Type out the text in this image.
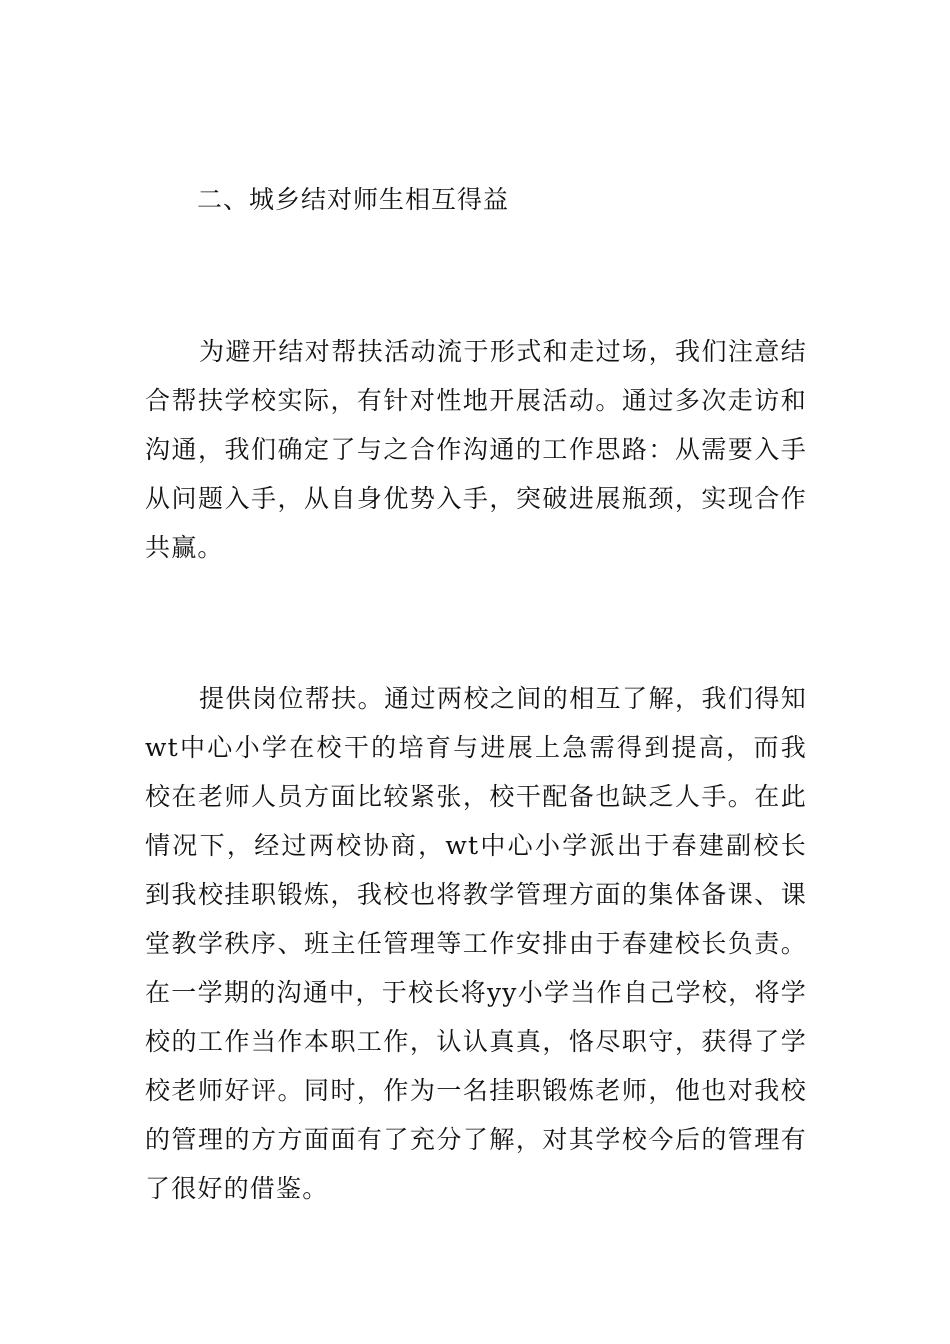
二、城乡结对师生相互得益

为避开结对帮扶活动流于形式和走过场，我们注意结合帮扶学校实际，有针对性地开展活动。通过多次走访和沟通，我们确定了与之合作沟通的工作思路：从需要入手从问题入手，从自身优势入手，突破进展瓶颈，实现合作共赢。

提供岗位帮扶。通过两校之间的相互了解，我们得知wt中心小学在校干的培育与进展上急需得到提高，而我校在老师人员方面比较紧张，校干配备也缺乏人手。在此情况下，经过两校协商，wt中心小学派出于春建副校长到我校挂职锻炼，我校也将教学管理方面的集体备课、课堂教学秩序、班主任管理等工作安排由于春建校长负责。在一学期的沟通中，于校长将yy小学当作自己学校，将学校的工作当作本职工作，认认真真，恪尽职守，获得了学校老师好评。同时，作为一名挂职锻炼老师，他也对我校的管理的方方面面有了充分了解，对其学校今后的管理有了很好的借鉴。
